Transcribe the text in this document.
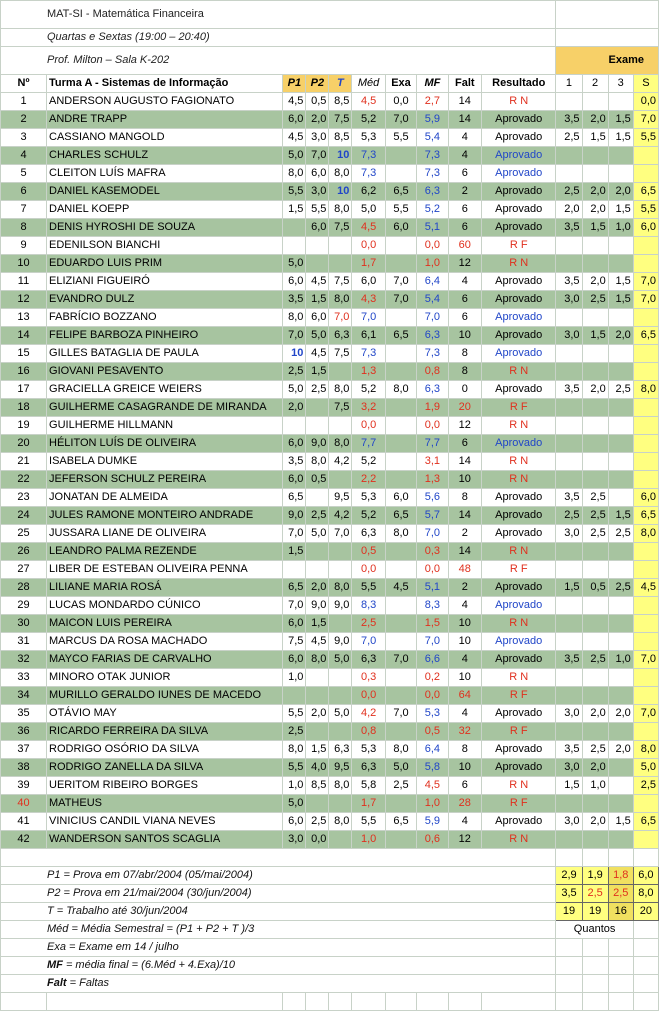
MAT-SI - Matemática Financeira													
Quartas e Sextas (19:00 – 20:40)													
Prof. Milton – Sala K-202										Exame			
Nº	Turma A - Sistemas de Informação	P1	P2	T	Méd	Exa	MF	Falt	Resultado	1	2	3	S
1	ANDERSON AUGUSTO FAGIONATO	4,5	0,5	8,5	4,5	0,0	2,7	14	R N				0,0
2	ANDRE TRAPP	6,0	2,0	7,5	5,2	7,0	5,9	14	Aprovado	3,5	2,0	1,5	7,0
3	CASSIANO MANGOLD	4,5	3,0	8,5	5,3	5,5	5,4	4	Aprovado	2,5	1,5	1,5	5,5
4	CHARLES SCHULZ	5,0	7,0	10	7,3		7,3	4	Aprovado				
5	CLEITON LUÍS MAFRA	8,0	6,0	8,0	7,3		7,3	6	Aprovado				
6	DANIEL KASEMODEL	5,5	3,0	10	6,2	6,5	6,3	2	Aprovado	2,5	2,0	2,0	6,5
7	DANIEL KOEPP	1,5	5,5	8,0	5,0	5,5	5,2	6	Aprovado	2,0	2,0	1,5	5,5
8	DENIS HYROSHI DE SOUZA		6,0	7,5	4,5	6,0	5,1	6	Aprovado	3,5	1,5	1,0	6,0
9	EDENILSON BIANCHI				0,0		0,0	60	R F				
10	EDUARDO LUIS PRIM	5,0			1,7		1,0	12	R N				
11	ELIZIANI FIGUEIRÓ	6,0	4,5	7,5	6,0	7,0	6,4	4	Aprovado	3,5	2,0	1,5	7,0
12	EVANDRO DULZ	3,5	1,5	8,0	4,3	7,0	5,4	6	Aprovado	3,0	2,5	1,5	7,0
13	FABRÍCIO BOZZANO	8,0	6,0	7,0	7,0		7,0	6	Aprovado				
14	FELIPE BARBOZA PINHEIRO	7,0	5,0	6,3	6,1	6,5	6,3	10	Aprovado	3,0	1,5	2,0	6,5
15	GILLES BATAGLIA DE PAULA	10	4,5	7,5	7,3		7,3	8	Aprovado				
16	GIOVANI PESAVENTO	2,5	1,5		1,3		0,8	8	R N				
17	GRACIELLA GREICE WEIERS	5,0	2,5	8,0	5,2	8,0	6,3	0	Aprovado	3,5	2,0	2,5	8,0
18	GUILHERME CASAGRANDE DE MIRANDA	2,0		7,5	3,2		1,9	20	R F				
19	GUILHERME HILLMANN				0,0		0,0	12	R N				
20	HÉLITON LUÍS DE OLIVEIRA	6,0	9,0	8,0	7,7		7,7	6	Aprovado				
21	ISABELA DUMKE	3,5	8,0	4,2	5,2		3,1	14	R N				
22	JEFERSON SCHULZ PEREIRA	6,0	0,5		2,2		1,3	10	R N				
23	JONATAN DE ALMEIDA	6,5		9,5	5,3	6,0	5,6	8	Aprovado	3,5	2,5		6,0
24	JULES RAMONE MONTEIRO ANDRADE	9,0	2,5	4,2	5,2	6,5	5,7	14	Aprovado	2,5	2,5	1,5	6,5
25	JUSSARA LIANE DE OLIVEIRA	7,0	5,0	7,0	6,3	8,0	7,0	2	Aprovado	3,0	2,5	2,5	8,0
26	LEANDRO PALMA REZENDE	1,5			0,5		0,3	14	R N				
27	LIBER DE ESTEBAN OLIVEIRA PENNA				0,0		0,0	48	R F				
28	LILIANE MARIA ROSÁ	6,5	2,0	8,0	5,5	4,5	5,1	2	Aprovado	1,5	0,5	2,5	4,5
29	LUCAS MONDARDO CÚNICO	7,0	9,0	9,0	8,3		8,3	4	Aprovado				
30	MAICON LUIS PEREIRA	6,0	1,5		2,5		1,5	10	R N				
31	MARCUS DA ROSA MACHADO	7,5	4,5	9,0	7,0		7,0	10	Aprovado				
32	MAYCO FARIAS DE CARVALHO	6,0	8,0	5,0	6,3	7,0	6,6	4	Aprovado	3,5	2,5	1,0	7,0
33	MINORO OTAK JUNIOR	1,0			0,3		0,2	10	R N				
34	MURILLO GERALDO IUNES DE MACEDO				0,0		0,0	64	R F				
35	OTÁVIO MAY	5,5	2,0	5,0	4,2	7,0	5,3	4	Aprovado	3,0	2,0	2,0	7,0
36	RICARDO FERREIRA DA SILVA	2,5			0,8		0,5	32	R F				
37	RODRIGO OSÓRIO DA SILVA	8,0	1,5	6,3	5,3	8,0	6,4	8	Aprovado	3,5	2,5	2,0	8,0
38	RODRIGO ZANELLA DA SILVA	5,5	4,0	9,5	6,3	5,0	5,8	10	Aprovado	3,0	2,0		5,0
39	UERITOM RIBEIRO BORGES	1,0	8,5	8,0	5,8	2,5	4,5	6	R N	1,5	1,0		2,5
40	MATHEUS	5,0			1,7		1,0	28	R F				
41	VINICIUS CANDIL VIANA NEVES	6,0	2,5	8,0	5,5	6,5	5,9	4	Aprovado	3,0	2,0	1,5	6,5
42	WANDERSON SANTOS SCAGLIA	3,0	0,0		1,0		0,6	12	R N				

P1 = Prova em 07/abr/2004 (05/mai/2004)										2,9	1,9	1,8	6,0
P2 = Prova em 21/mai/2004 (30/jun/2004)										3,5	2,5	2,5	8,0
T = Trabalho até 30/jun/2004										19	19	16	20
Méd = Média Semestral = (P1 + P2 + T )/3										Quantos			
Exa = Exame em 14 / julho													
MF = média final = (6.Méd + 4.Exa)/10													
Falt = Faltas													
